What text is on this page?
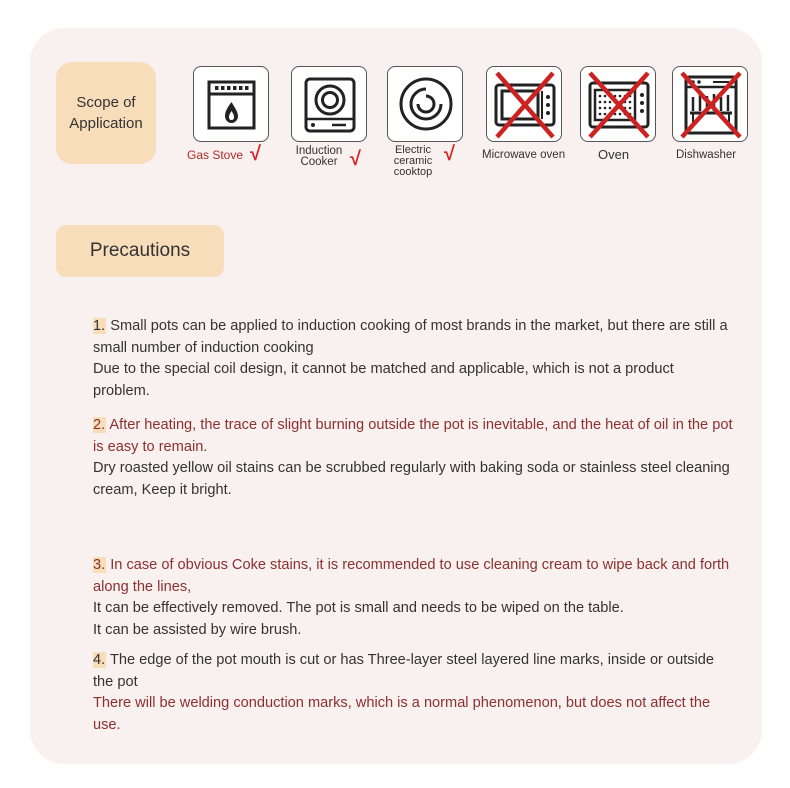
Scope of
Application
Gas Stove √	Induction
Cooker √	Electric
ceramic
cooktop
√ Microwave oven	Oven	Dishwasher
Precautions
1. Small pots can be applied to induction cooking of most brands in the market, but there are still a small number of induction cooking
Due to the special coil design, it cannot be matched and applicable, which is not a product problem.
2. After heating, the trace of slight burning outside the pot is inevitable, and the heat of oil in the pot is easy to remain.
Dry roasted yellow oil stains can be scrubbed regularly with baking soda or stainless steel cleaning cream, Keep it bright.
3. In case of obvious Coke stains, it is recommended to use cleaning cream to wipe back and forth along the lines,
It can be effectively removed. The pot is small and needs to be wiped on the table.
It can be assisted by wire brush.
4. The edge of the pot mouth is cut or has Three-layer steel layered line marks, inside or outside the pot
There will be welding conduction marks, which is a normal phenomenon, but does not affect the use.
